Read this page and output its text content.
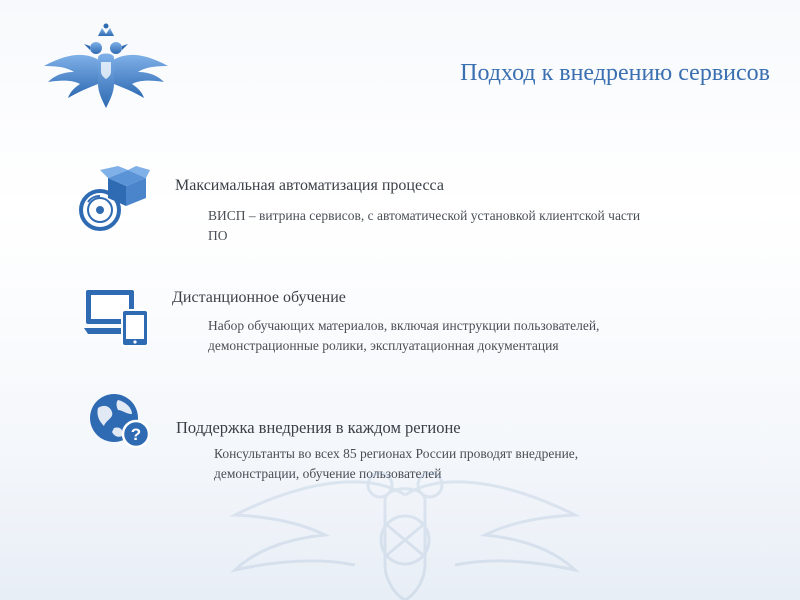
Подход к внедрению сервисов
Максимальная автоматизация процесса
ВИСП – витрина сервисов, с автоматической установкой клиентской части ПО
Дистанционное обучение
Набор обучающих материалов, включая инструкции пользователей, демонстрационные ролики, эксплуатационная документация
? Поддержка внедрения в каждом регионе
Консультанты во всех 85 регионах России проводят внедрение, демонстрации, обучение пользователей
